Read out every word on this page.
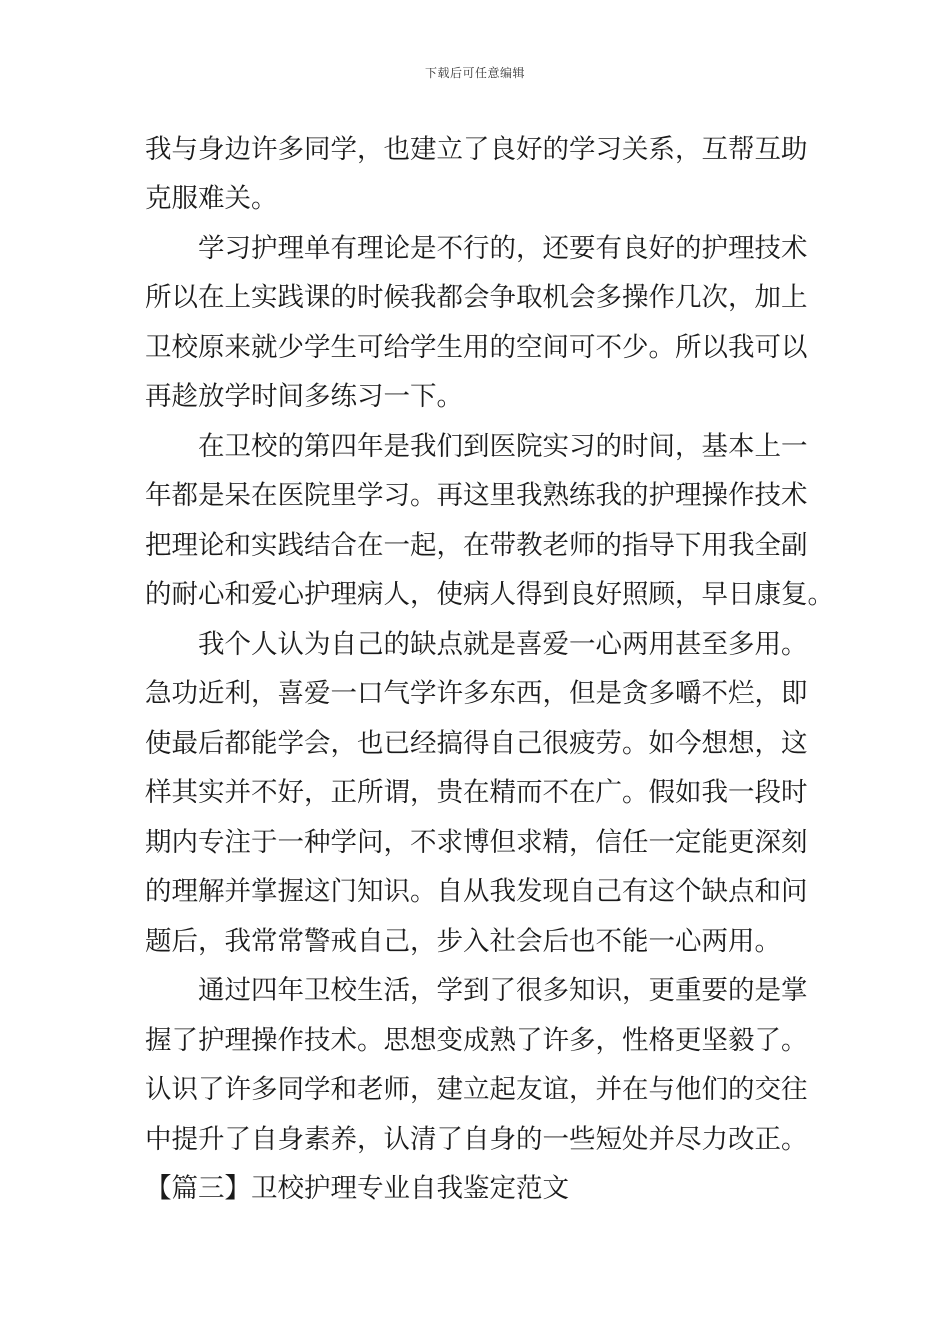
下载后可任意编辑
我与身边许多同学，也建立了良好的学习关系，互帮互助
克服难关。
学习护理单有理论是不行的，还要有良好的护理技术
所以在上实践课的时候我都会争取机会多操作几次，加上
卫校原来就少学生可给学生用的空间可不少。所以我可以
再趁放学时间多练习一下。
在卫校的第四年是我们到医院实习的时间，基本上一
年都是呆在医院里学习。再这里我熟练我的护理操作技术
把理论和实践结合在一起，在带教老师的指导下用我全副
的耐心和爱心护理病人，使病人得到良好照顾，早日康复。
我个人认为自己的缺点就是喜爱一心两用甚至多用。
急功近利，喜爱一口气学许多东西，但是贪多嚼不烂，即
使最后都能学会，也已经搞得自己很疲劳。如今想想，这
样其实并不好，正所谓，贵在精而不在广。假如我一段时
期内专注于一种学问，不求博但求精，信任一定能更深刻
的理解并掌握这门知识。自从我发现自己有这个缺点和问
题后，我常常警戒自己，步入社会后也不能一心两用。
通过四年卫校生活，学到了很多知识，更重要的是掌
握了护理操作技术。思想变成熟了许多，性格更坚毅了。
认识了许多同学和老师，建立起友谊，并在与他们的交往
中提升了自身素养，认清了自身的一些短处并尽力改正。
【篇三】卫校护理专业自我鉴定范文
